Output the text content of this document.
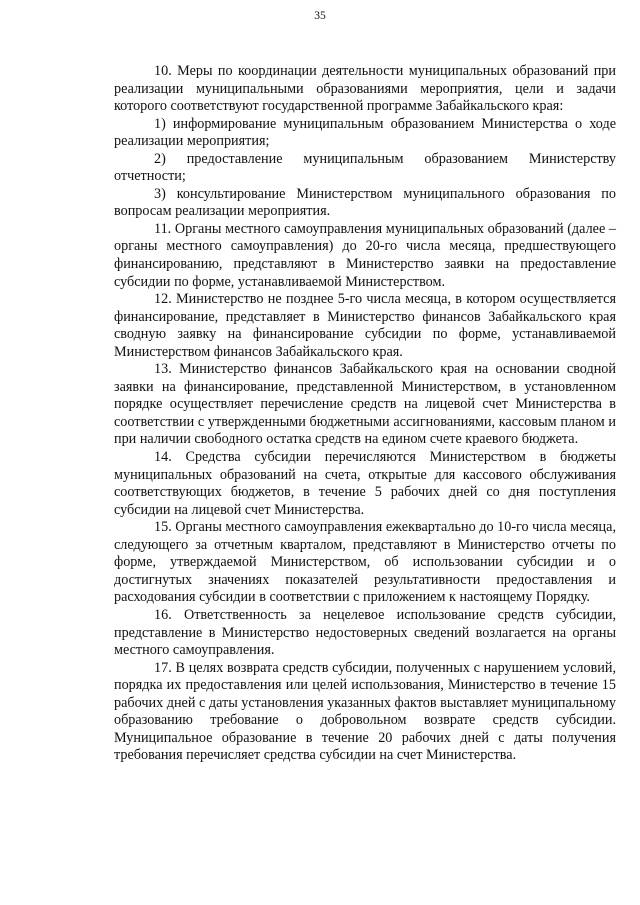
35

10. Меры по координации деятельности муниципальных образований при реализации муниципальными образованиями мероприятия, цели и задачи которого соответствуют государственной программе Забайкальского края:

1) информирование муниципальным образованием Министерства о ходе реализации мероприятия;

2) предоставление муниципальным образованием Министерству отчетности;

3) консультирование Министерством муниципального образования по вопросам реализации мероприятия.

11. Органы местного самоуправления муниципальных образований (далее – органы местного самоуправления) до 20-го числа месяца, предшествующего финансированию, представляют в Министерство заявки на предоставление субсидии по форме, устанавливаемой Министерством.

12. Министерство не позднее 5-го числа месяца, в котором осуществляется финансирование, представляет в Министерство финансов Забайкальского края сводную заявку на финансирование субсидии по форме, устанавливаемой Министерством финансов Забайкальского края.

13. Министерство финансов Забайкальского края на основании сводной заявки на финансирование, представленной Министерством, в установленном порядке осуществляет перечисление средств на лицевой счет Министерства в соответствии с утвержденными бюджетными ассигнованиями, кассовым планом и при наличии свободного остатка средств на едином счете краевого бюджета.

14. Средства субсидии перечисляются Министерством в бюджеты муниципальных образований на счета, открытые для кассового обслуживания соответствующих бюджетов, в течение 5 рабочих дней со дня поступления субсидии на лицевой счет Министерства.

15. Органы местного самоуправления ежеквартально до 10-го числа месяца, следующего за отчетным кварталом, представляют в Министерство отчеты по форме, утверждаемой Министерством, об использовании субсидии и о достигнутых значениях показателей результативности предоставления и расходования субсидии в соответствии с приложением к настоящему Порядку.

16. Ответственность за нецелевое использование средств субсидии, представление в Министерство недостоверных сведений возлагается на органы местного самоуправления.

17. В целях возврата средств субсидии, полученных с нарушением условий, порядка их предоставления или целей использования, Министерство в течение 15 рабочих дней с даты установления указанных фактов выставляет муниципальному образованию требование о добровольном возврате средств субсидии. Муниципальное образование в течение 20 рабочих дней с даты получения требования перечисляет средства субсидии на счет Министерства.
